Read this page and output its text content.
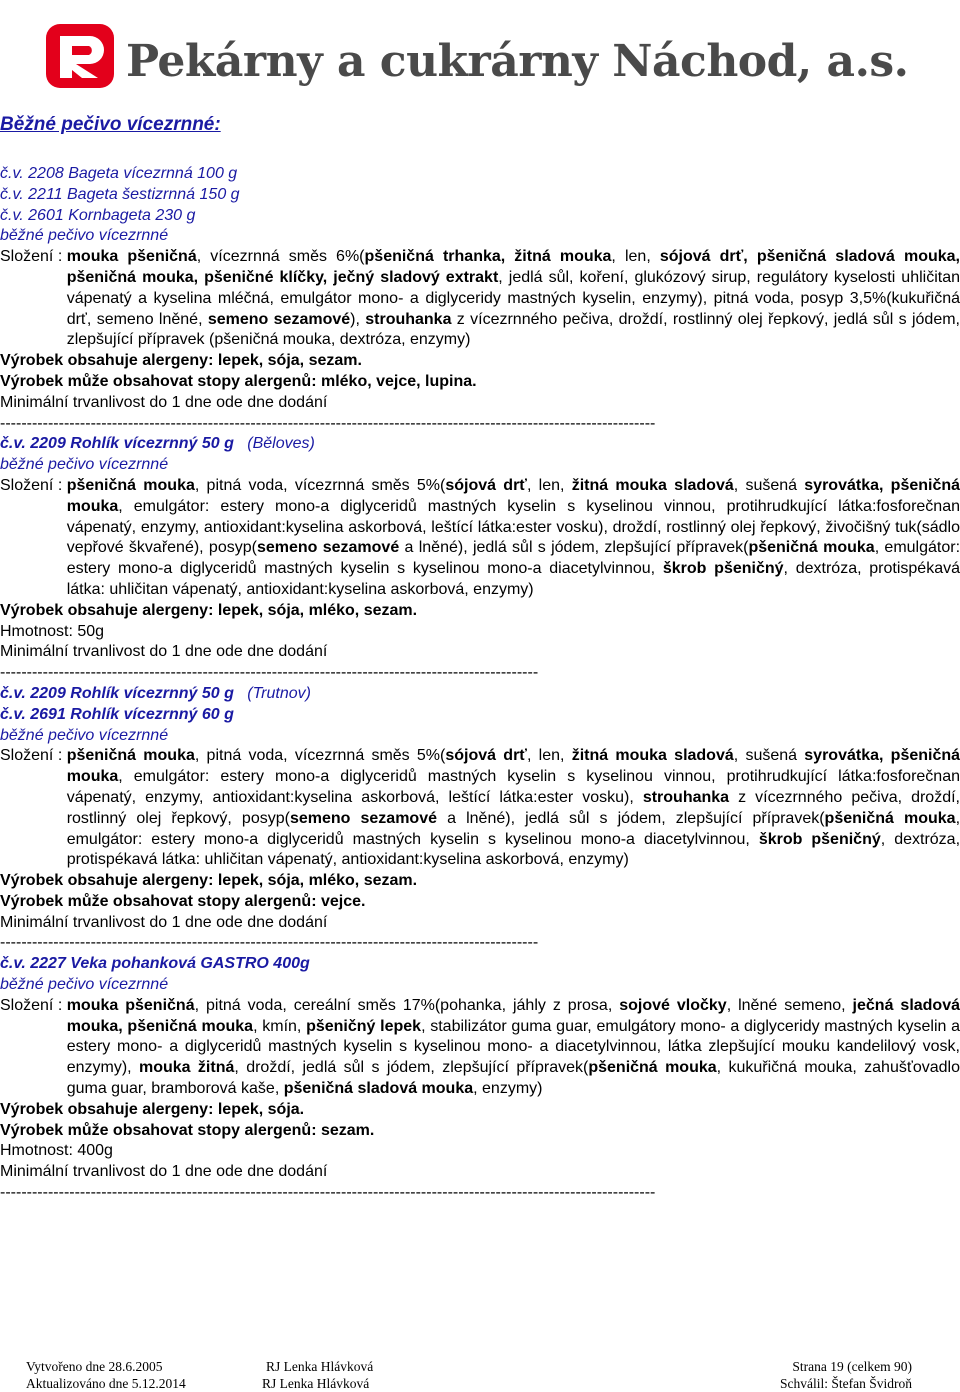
Pekárny a cukrárny Náchod, a.s.
Běžné pečivo vícezrnné:
č.v. 2208 Bageta vícezrnná 100 g
č.v. 2211 Bageta šestizrnná 150 g
č.v. 2601 Kornbageta 230 g
běžné pečivo vícezrnné
Složení : mouka pšeničná, vícezrnná směs 6%(pšeničná trhanka, žitná mouka, len, sójová drť, pšeničná sladová mouka, pšeničná mouka, pšeničné klíčky, ječný sladový extrakt, jedlá sůl, koření, glukózový sirup, regulátory kyselosti uhličitan vápenatý a kyselina mléčná, emulgátor mono- a diglyceridy mastných kyselin, enzymy), pitná voda, posyp 3,5%(kukuřičná drť, semeno lněné, semeno sezamové), strouhanka z vícezrnného pečiva, droždí, rostlinný olej řepkový, jedlá sůl s jódem, zlepšující přípravek (pšeničná mouka, dextróza, enzymy)
Výrobek obsahuje alergeny: lepek, sója, sezam.
Výrobek může obsahovat stopy alergenů: mléko, vejce, lupina.
Minimální trvanlivost do 1 dne ode dne dodání
---------------------------------------------------------------------------------------------------------------------------
č.v. 2209 Rohlík vícezrnný 50 g   (Běloves)
běžné pečivo vícezrnné
Složení : pšeničná mouka, pitná voda, vícezrnná směs 5%(sójová drť, len, žitná mouka sladová, sušená syrovátka, pšeničná mouka, emulgátor: estery mono-a diglyceridů mastných kyselin s kyselinou vinnou, protihrudkující látka:fosforečnan vápenatý, enzymy, antioxidant:kyselina askorbová, leštící látka:ester vosku), droždí, rostlinný olej řepkový, živočišný tuk(sádlo vepřové škvařené), posyp(semeno sezamové a lněné), jedlá sůl s jódem, zlepšující přípravek(pšeničná mouka, emulgátor: estery mono-a diglyceridů mastných kyselin s kyselinou mono-a diacetylvinnou, škrob pšeničný, dextróza, protispékavá látka: uhličitan vápenatý, antioxidant:kyselina askorbová, enzymy)
Výrobek obsahuje alergeny: lepek, sója, mléko, sezam.
Hmotnost: 50g
Minimální trvanlivost do 1 dne ode dne dodání
-----------------------------------------------------------------------------------------------------
č.v. 2209 Rohlík vícezrnný 50 g   (Trutnov)
č.v. 2691 Rohlík vícezrnný 60 g
běžné pečivo vícezrnné
Složení : pšeničná mouka, pitná voda, vícezrnná směs 5%(sójová drť, len, žitná mouka sladová, sušená syrovátka, pšeničná mouka, emulgátor: estery mono-a diglyceridů mastných kyselin s kyselinou vinnou, protihrudkující látka:fosforečnan vápenatý, enzymy, antioxidant:kyselina askorbová, leštící látka:ester vosku), strouhanka z vícezrnného pečiva, droždí, rostlinný olej řepkový, posyp(semeno sezamové a lněné), jedlá sůl s jódem, zlepšující přípravek(pšeničná mouka, emulgátor: estery mono-a diglyceridů mastných kyselin s kyselinou mono-a diacetylvinnou, škrob pšeničný, dextróza, protispékavá látka: uhličitan vápenatý, antioxidant:kyselina askorbová, enzymy)
Výrobek obsahuje alergeny: lepek, sója, mléko, sezam.
Výrobek může obsahovat stopy alergenů: vejce.
Minimální trvanlivost do 1 dne ode dne dodání
-----------------------------------------------------------------------------------------------------
č.v. 2227 Veka pohanková GASTRO 400g
běžné pečivo vícezrnné
Složení : mouka pšeničná, pitná voda, cereální směs 17%(pohanka, jáhly z prosa, sojové vločky, lněné semeno, ječná sladová mouka, pšeničná mouka, kmín, pšeničný lepek, stabilizátor guma guar, emulgátory mono- a diglyceridy mastných kyselin a estery mono- a diglyceridů mastných kyselin s kyselinou mono- a diacetylvinnou, látka zlepšující mouku kandelilový vosk, enzymy), mouka žitná, droždí, jedlá sůl s jódem, zlepšující přípravek(pšeničná mouka, kukuřičná mouka, zahušťovadlo guma guar, bramborová kaše, pšeničná sladová mouka, enzymy)
Výrobek obsahuje alergeny: lepek, sója.
Výrobek může obsahovat stopy alergenů: sezam.
Hmotnost: 400g
Minimální trvanlivost do 1 dne ode dne dodání
---------------------------------------------------------------------------------------------------------------------------
Vytvořeno dne 28.6.2005
Aktualizováno dne 5.12.2014
RJ Lenka Hlávková
RJ Lenka Hlávková
Strana 19 (celkem 90)
Schválil: Štefan Švidroň
